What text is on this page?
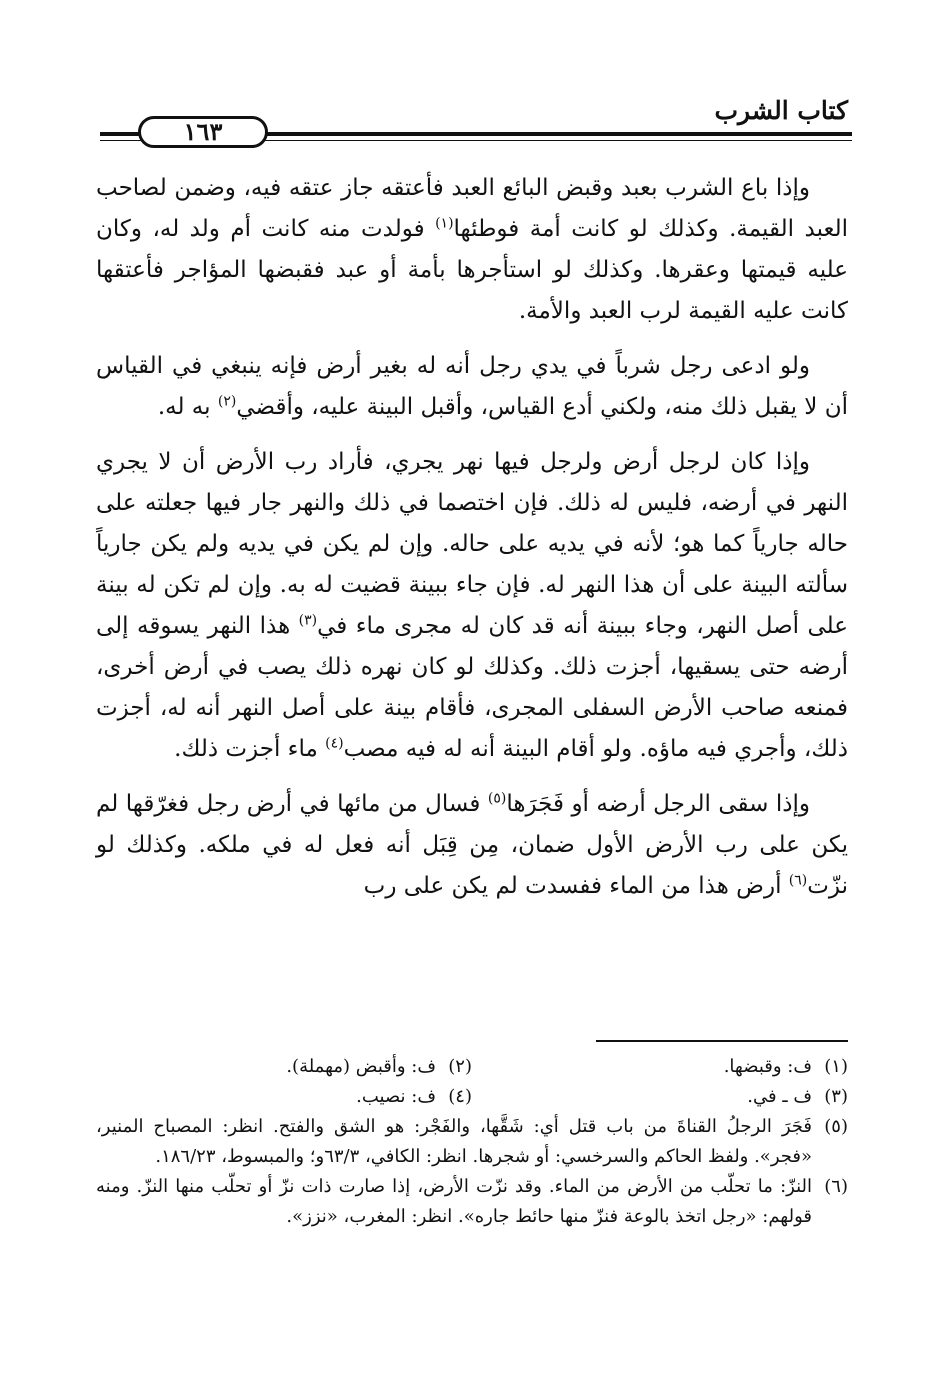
كتاب الشرب
١٦٣

وإذا باع الشرب بعبد وقبض البائع العبد فأعتقه جاز عتقه فيه، وضمن لصاحب العبد القيمة. وكذلك لو كانت أمة فوطئها$^{(١)}$ فولدت منه كانت أم ولد له، وكان عليه قيمتها وعقرها. وكذلك لو استأجرها بأمة أو عبد فقبضها المؤاجر فأعتقها كانت عليه القيمة لرب العبد والأمة.

ولو ادعى رجل شرباً في يدي رجل أنه له بغير أرض فإنه ينبغي في القياس أن لا يقبل ذلك منه، ولكني أدع القياس، وأقبل البينة عليه، وأقضي$^{(٢)}$ به له.

وإذا كان لرجل أرض ولرجل فيها نهر يجري، فأراد رب الأرض أن لا يجري النهر في أرضه، فليس له ذلك. فإن اختصما في ذلك والنهر جار فيها جعلته على حاله جارياً كما هو؛ لأنه في يديه على حاله. وإن لم يكن في يديه ولم يكن جارياً سألته البينة على أن هذا النهر له. فإن جاء ببينة قضيت له به. وإن لم تكن له بينة على أصل النهر، وجاء ببينة أنه قد كان له مجرى ماء في$^{(٣)}$ هذا النهر يسوقه إلى أرضه حتى يسقيها، أجزت ذلك. وكذلك لو كان نهره ذلك يصب في أرض أخرى، فمنعه صاحب الأرض السفلى المجرى، فأقام بينة على أصل النهر أنه له، أجزت ذلك، وأجري فيه ماؤه. ولو أقام البينة أنه له فيه مصب$^{(٤)}$ ماء أجزت ذلك.

وإذا سقى الرجل أرضه أو فَجَرَها$^{(٥)}$ فسال من مائها في أرض رجل فغرّقها لم يكن على رب الأرض الأول ضمان، مِن قِبَل أنه فعل له في ملكه. وكذلك لو نزّت$^{(٦)}$ أرض هذا من الماء ففسدت لم يكن على رب

(١)ف: وقبضها.
(٢)ف: وأقبض (مهملة).
(٣)ف ـ في.
(٤)ف: نصيب.
(٥)
فَجَرَ الرجلُ القناةَ من باب قتل أي: شَقَّها، والفَجْر: هو الشق والفتح. انظر: المصباح المنير، «فجر». ولفظ الحاكم والسرخسي: أو شجرها. انظر: الكافي، ٦٣/٣و؛ والمبسوط، ١٨٦/٢٣.
(٦)
النزّ: ما تحلّب من الأرض من الماء. وقد نزّت الأرض، إذا صارت ذات نزّ أو تحلّب منها النزّ. ومنه قولهم: «رجل اتخذ بالوعة فنزّ منها حائط جاره». انظر: المغرب، «نزز».
